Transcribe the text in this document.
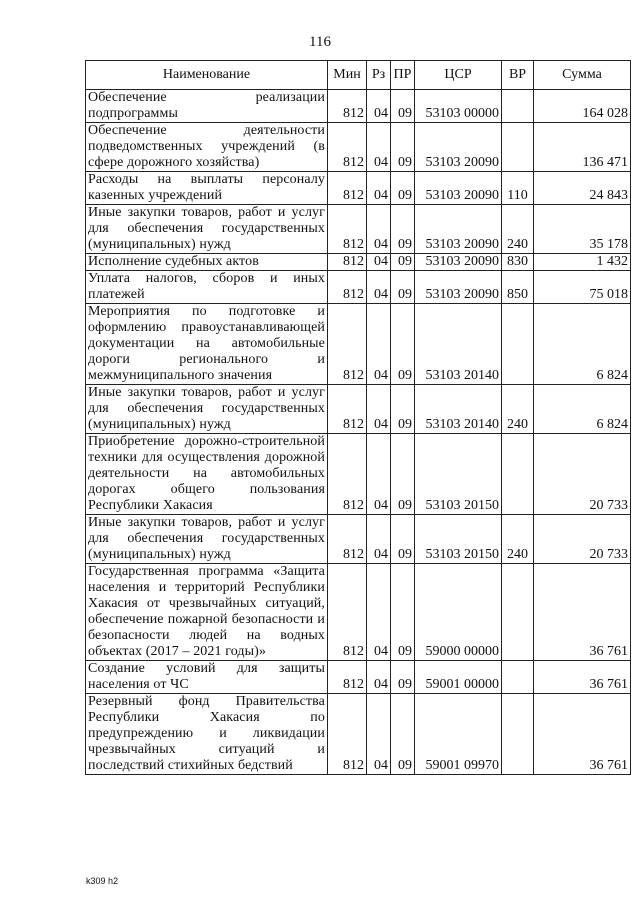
116
Наименование	Мин	Рз	ПР	ЦСР	ВР	Сумма
Обеспечение реализации подпрограммы	812	04	09	53103 00000		164 028
Обеспечение деятельности подведомственных учреждений (в сфере дорожного хозяйства)	812	04	09	53103 20090		136 471
Расходы на выплаты персоналу казенных учреждений	812	04	09	53103 20090	110	24 843
Иные закупки товаров, работ и услуг для обеспечения государственных (муниципальных) нужд	812	04	09	53103 20090	240	35 178
Исполнение судебных актов	812	04	09	53103 20090	830	1 432
Уплата налогов, сборов и иных платежей	812	04	09	53103 20090	850	75 018
Мероприятия по подготовке и оформлению правоустанавливающей документации на автомобильные дороги регионального и межмуниципального значения	812	04	09	53103 20140		6 824
Иные закупки товаров, работ и услуг для обеспечения государственных (муниципальных) нужд	812	04	09	53103 20140	240	6 824
Приобретение дорожно-строительной техники для осуществления дорожной деятельности на автомобильных дорогах общего пользования Республики Хакасия	812	04	09	53103 20150		20 733
Иные закупки товаров, работ и услуг для обеспечения государственных (муниципальных) нужд	812	04	09	53103 20150	240	20 733
Государственная программа «Защита населения и территорий Республики Хакасия от чрезвычайных ситуаций, обеспечение пожарной безопасности и безопасности людей на водных объектах (2017 – 2021 годы)»	812	04	09	59000 00000		36 761
Создание условий для защиты населения от ЧС	812	04	09	59001 00000		36 761
Резервный фонд Правительства Республики Хакасия по предупреждению и ликвидации чрезвычайных ситуаций и последствий стихийных бедствий	812	04	09	59001 09970		36 761
k309 h2
